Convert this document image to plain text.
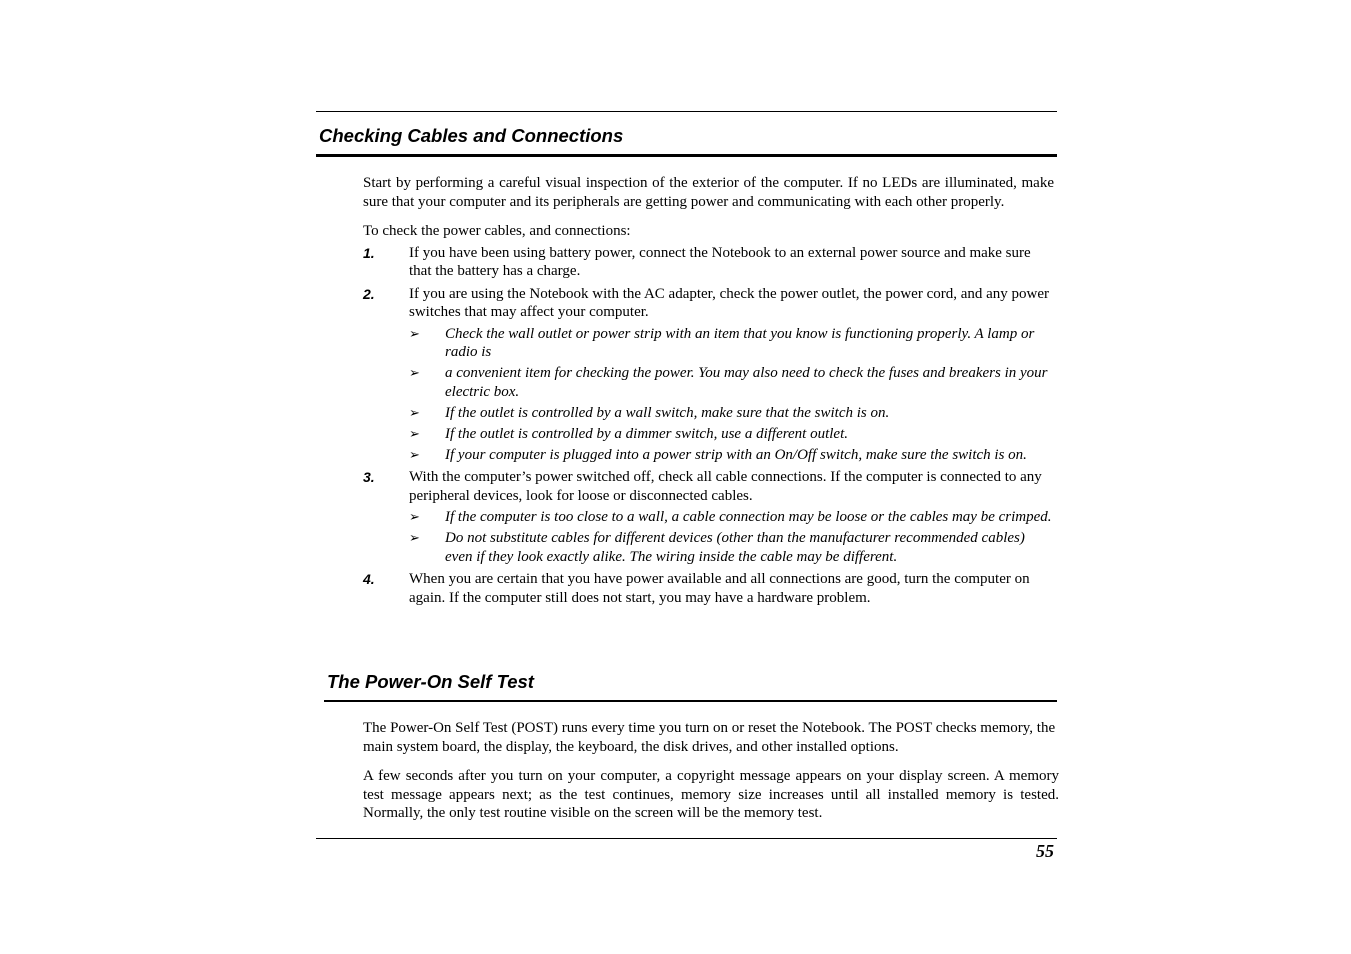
Checking Cables and Connections

Start by performing a careful visual inspection of the exterior of the computer. If no LEDs are illuminated, make sure that your computer and its peripherals are getting power and communicating with each other properly.

To check the power cables, and connections:

1. If you have been using battery power, connect the Notebook to an external power source and make sure that the battery has a charge.
2. If you are using the Notebook with the AC adapter, check the power outlet, the power cord, and any power switches that may affect your computer.
➢ Check the wall outlet or power strip with an item that you know is functioning properly. A lamp or radio is
➢ a convenient item for checking the power. You may also need to check the fuses and breakers in your electric box.
➢ If the outlet is controlled by a wall switch, make sure that the switch is on.
➢ If the outlet is controlled by a dimmer switch, use a different outlet.
➢ If your computer is plugged into a power strip with an On/Off switch, make sure the switch is on.
3. With the computer’s power switched off, check all cable connections. If the computer is connected to any peripheral devices, look for loose or disconnected cables.
➢ If the computer is too close to a wall, a cable connection may be loose or the cables may be crimped.
➢ Do not substitute cables for different devices (other than the manufacturer recommended cables) even if they look exactly alike. The wiring inside the cable may be different.
4. When you are certain that you have power available and all connections are good, turn the computer on again. If the computer still does not start, you may have a hardware problem.
The Power-On Self Test

The Power-On Self Test (POST) runs every time you turn on or reset the Notebook. The POST checks memory, the main system board, the display, the keyboard, the disk drives, and other installed options.

A few seconds after you turn on your computer, a copyright message appears on your display screen. A memory test message appears next; as the test continues, memory size increases until all installed memory is tested. Normally, the only test routine visible on the screen will be the memory test.

55
